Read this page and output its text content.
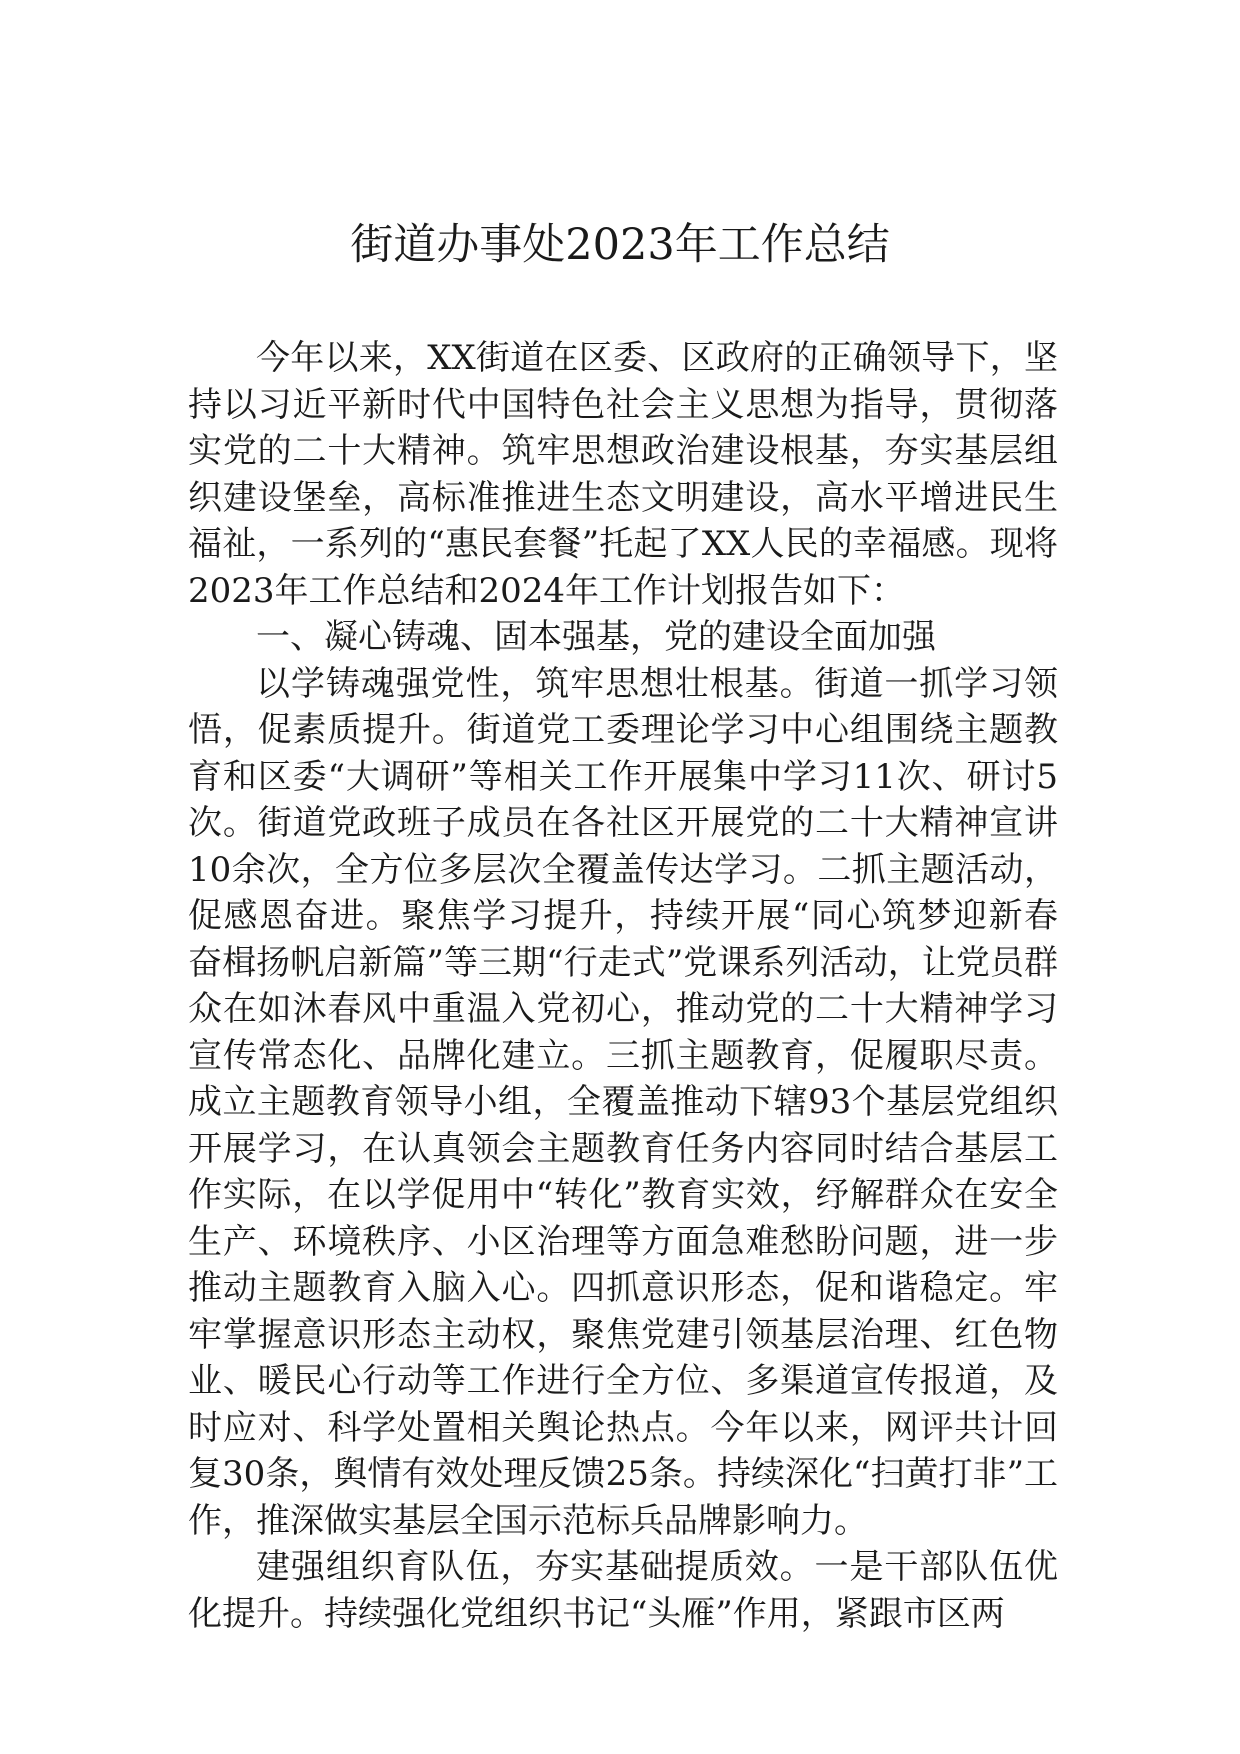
街道办事处2023年工作总结

今年以来，XX街道在区委、区政府的正确领导下，坚持以习近平新时代中国特色社会主义思想为指导，贯彻落实党的二十大精神。筑牢思想政治建设根基，夯实基层组织建设堡垒，高标准推进生态文明建设，高水平增进民生福祉，一系列的“惠民套餐”托起了XX人民的幸福感。现将2023年工作总结和2024年工作计划报告如下：

一、凝心铸魂、固本强基，党的建设全面加强

以学铸魂强党性，筑牢思想壮根基。街道一抓学习领悟，促素质提升。街道党工委理论学习中心组围绕主题教育和区委“大调研”等相关工作开展集中学习11次、研讨5次。街道党政班子成员在各社区开展党的二十大精神宣讲10余次，全方位多层次全覆盖传达学习。二抓主题活动，促感恩奋进。聚焦学习提升，持续开展“同心筑梦迎新春 奋楫扬帆启新篇”等三期“行走式”党课系列活动，让党员群众在如沐春风中重温入党初心，推动党的二十大精神学习宣传常态化、品牌化建立。三抓主题教育，促履职尽责。成立主题教育领导小组，全覆盖推动下辖93个基层党组织开展学习，在认真领会主题教育任务内容同时结合基层工作实际，在以学促用中“转化”教育实效，纾解群众在安全生产、环境秩序、小区治理等方面急难愁盼问题，进一步推动主题教育入脑入心。四抓意识形态，促和谐稳定。牢牢掌握意识形态主动权，聚焦党建引领基层治理、红色物业、暖民心行动等工作进行全方位、多渠道宣传报道，及时应对、科学处置相关舆论热点。今年以来，网评共计回复30条，舆情有效处理反馈25条。持续深化“扫黄打非”工作，推深做实基层全国示范标兵品牌影响力。

建强组织育队伍，夯实基础提质效。一是干部队伍优化提升。持续强化党组织书记“头雁”作用，紧跟市区两
